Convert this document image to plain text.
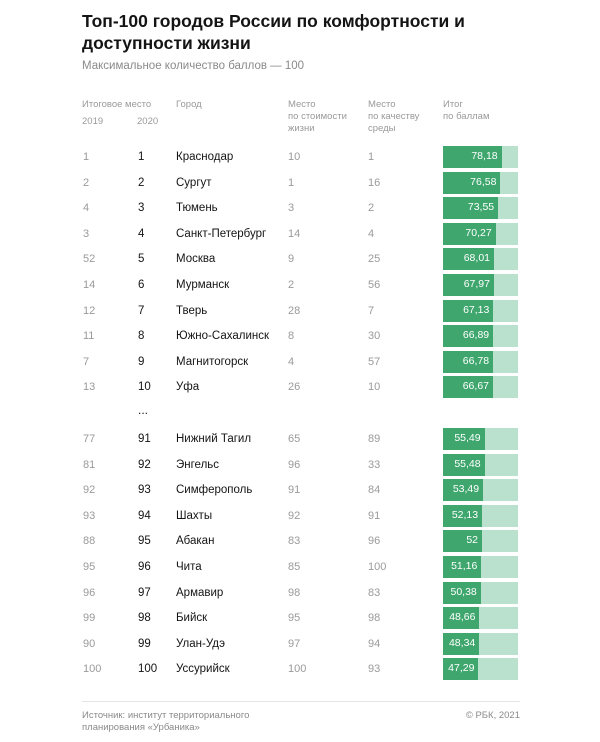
Топ-100 городов России по комфортности и доступности жизни
Максимальное количество баллов — 100
Итоговое место
2019	2020
Город	Место
по стоимости
жизни
Место
по качеству
среды
Итог
по баллам
1	1	Краснодар	10	1	78,18
2	2	Сургут	1	16	76,58
4	3	Тюмень	3	2	73,55
3	4	Санкт-Петербург 14	4	70,27
52	5	Москва	9	25	68,01
14	6	Мурманск	2	56	67,97
12	7	Тверь	28	7	67,13
11	8	Южно-Сахалинск 8	30	66,89
7	9	Магнитогорск	4	57	66,78
13	10 Уфа	26	10	66,67
77	91 Нижний Тагил	65	89	55,49
81	92 Энгельс	96	33	55,48
92	93 Симферополь	91	84	53,49
93	94 Шахты	92	91	52,13
88	95 Абакан	83	96	52
95	96 Чита	85	100	51,16
96	97 Армавир	98	83	50,38
99	98 Бийск	95	98	48,66
90	99 Улан-Удэ	97	94	48,34
100	100 Уссурийск	100	93	47,29
...
Источник: институт территориального
планирования «Урбаника»
© РБК, 2021
